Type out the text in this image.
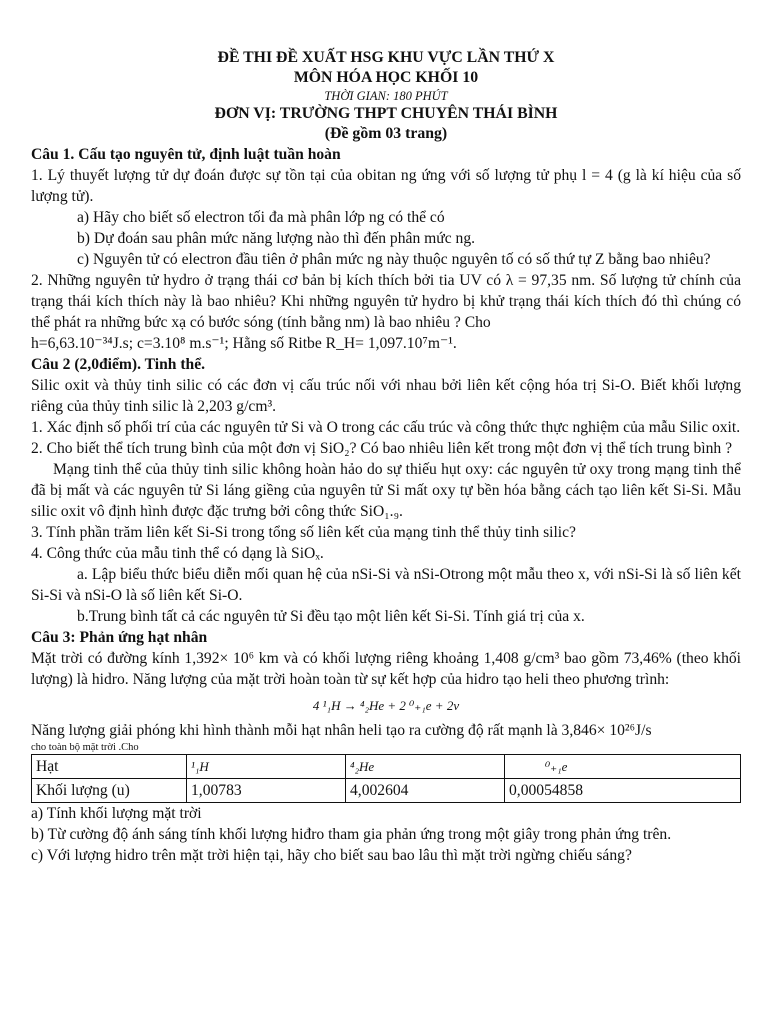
ĐỀ THI ĐỀ XUẤT HSG KHU VỰC LẦN THỨ X
MÔN HÓA HỌC KHỐI 10
THỜI GIAN: 180 PHÚT
ĐƠN VỊ: TRƯỜNG THPT CHUYÊN THÁI BÌNH
(Đề gồm 03 trang)

Câu 1. Cấu tạo nguyên tử, định luật tuần hoàn

1. Lý thuyết lượng tử dự đoán được sự tồn tại của obitan ng ứng với số lượng tử phụ l = 4 (g là kí hiệu của số lượng tử).

a) Hãy cho biết số electron tối đa mà phân lớp ng có thể có

b) Dự đoán sau phân mức năng lượng nào thì đến phân mức ng.

c) Nguyên tử có electron đầu tiên ở phân mức ng này thuộc nguyên tố có số thứ tự Z bằng bao nhiêu?

2. Những nguyên tử hydro ở trạng thái cơ bản bị kích thích bởi tia UV có λ = 97,35 nm. Số lượng tử chính của trạng thái kích thích này là bao nhiêu? Khi những nguyên tử hydro bị khử trạng thái kích thích đó thì chúng có thể phát ra những bức xạ có bước sóng (tính bằng nm) là bao nhiêu ? Cho

h=6,63.10⁻³⁴J.s; c=3.10⁸ m.s⁻¹; Hằng số Ritbe R_H= 1,097.10⁷m⁻¹.

Câu 2 (2,0điểm). Tinh thể.

Silic oxit và thủy tinh silic có các đơn vị cấu trúc nối với nhau bởi liên kết cộng hóa trị Si-O. Biết khối lượng riêng của thủy tinh silic là 2,203 g/cm³.

1. Xác định số phối trí của các nguyên tử Si và O trong các cấu trúc và công thức thực nghiệm của mẫu Silic oxit.

2. Cho biết thể tích trung bình của một đơn vị SiO₂? Có bao nhiêu liên kết trong một đơn vị thể tích trung bình ?

Mạng tinh thể của thủy tinh silic không hoàn hảo do sự thiếu hụt oxy: các nguyên tử oxy trong mạng tinh thể đã bị mất và các nguyên tử Si láng giềng của nguyên tử Si mất oxy tự bền hóa bằng cách tạo liên kết Si-Si. Mẫu silic oxit vô định hình được đặc trưng bởi công thức SiO₁.₉.

3. Tính phần trăm liên kết Si-Si trong tổng số liên kết của mạng tinh thể thủy tinh silic?

4. Công thức của mẫu tinh thể có dạng là SiOₓ.

a. Lập biểu thức biểu diễn mối quan hệ của nSi-Si và nSi-Otrong một mẫu theo x, với nSi-Si là số liên kết Si-Si và nSi-O là số liên kết Si-O.

b.Trung bình tất cả các nguyên tử Si đều tạo một liên kết Si-Si. Tính giá trị của x.

Câu 3: Phản ứng hạt nhân

Mặt trời có đường kính 1,392× 10⁶ km và có khối lượng riêng khoảng 1,408 g/cm³ bao gồm 73,46% (theo khối lượng) là hidro. Năng lượng của mặt trời hoàn toàn từ sự kết hợp của hidro tạo heli theo phương trình:

4 ¹₁H → ⁴₂He + 2 ⁰₊₁e + 2ν

Năng lượng giải phóng khi hình thành mỗi hạt nhân heli tạo ra cường độ rất mạnh là 3,846× 10²⁶J/s

cho toàn bộ mặt trời .Cho
Hạt	¹₁H	⁴₂He	⁰₊₁e
Khối lượng (u)	1,00783	4,002604	0,00054858

a) Tính khối lượng mặt trời

b) Từ cường độ ánh sáng tính khối lượng hiđro tham gia phản ứng trong một giây trong phản ứng trên.

c) Với lượng hidro trên mặt trời hiện tại, hãy cho biết sau bao lâu thì mặt trời ngừng chiếu sáng?
